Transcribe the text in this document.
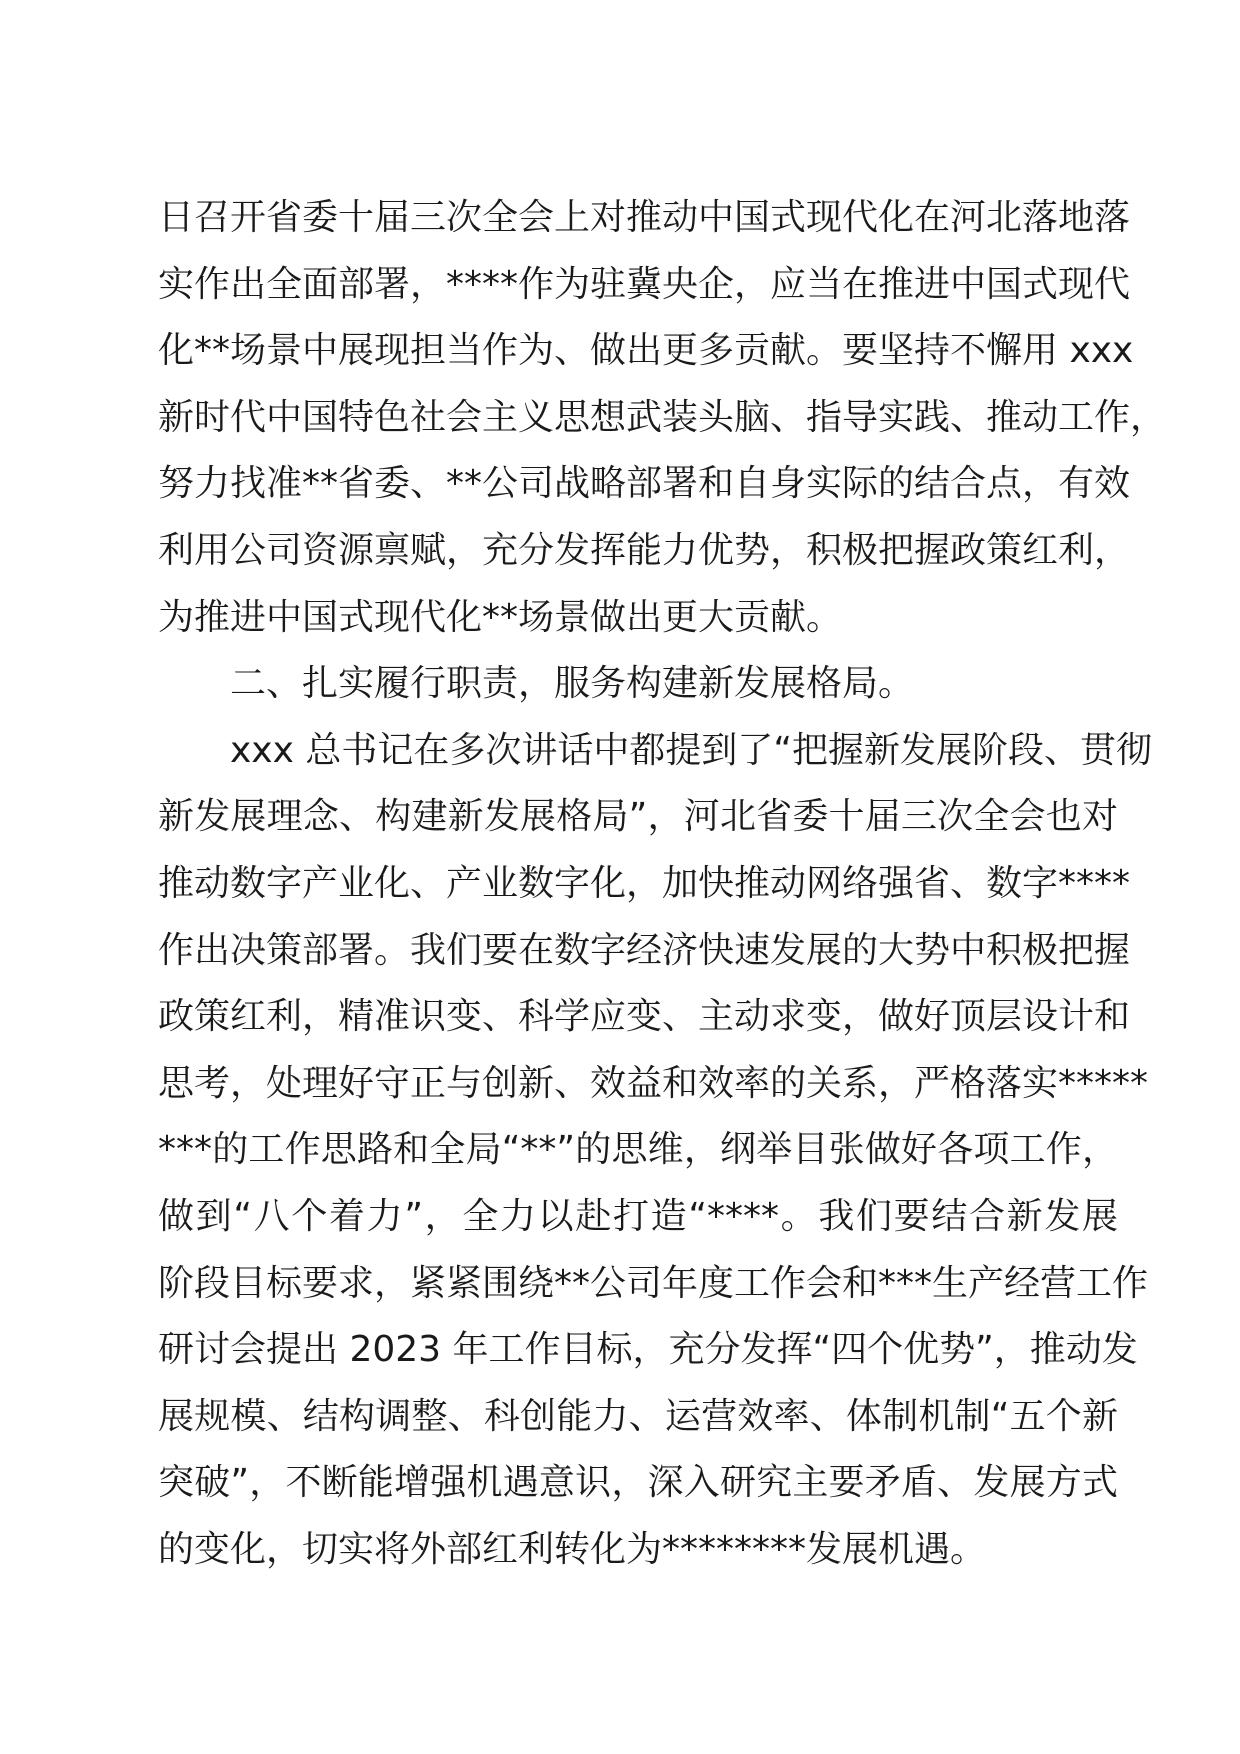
日召开省委十届三次全会上对推动中国式现代化在河北落地落
实作出全面部署，****作为驻冀央企，应当在推进中国式现代
化**场景中展现担当作为、做出更多贡献。要坚持不懈用 xxx
新时代中国特色社会主义思想武装头脑、指导实践、推动工作，
努力找准**省委、**公司战略部署和自身实际的结合点，有效
利用公司资源禀赋，充分发挥能力优势，积极把握政策红利，
为推进中国式现代化**场景做出更大贡献。
二、扎实履行职责，服务构建新发展格局。
xxx 总书记在多次讲话中都提到了“把握新发展阶段、贯彻
新发展理念、构建新发展格局”，河北省委十届三次全会也对
推动数字产业化、产业数字化，加快推动网络强省、数字****
作出决策部署。我们要在数字经济快速发展的大势中积极把握
政策红利，精准识变、科学应变、主动求变，做好顶层设计和
思考，处理好守正与创新、效益和效率的关系，严格落实*****
***的工作思路和全局“**”的思维，纲举目张做好各项工作，
做到“八个着力”，全力以赴打造“****。我们要结合新发展
阶段目标要求，紧紧围绕**公司年度工作会和***生产经营工作
研讨会提出 2023 年工作目标，充分发挥“四个优势”，推动发
展规模、结构调整、科创能力、运营效率、体制机制“五个新
突破”，不断能增强机遇意识，深入研究主要矛盾、发展方式
的变化，切实将外部红利转化为********发展机遇。
